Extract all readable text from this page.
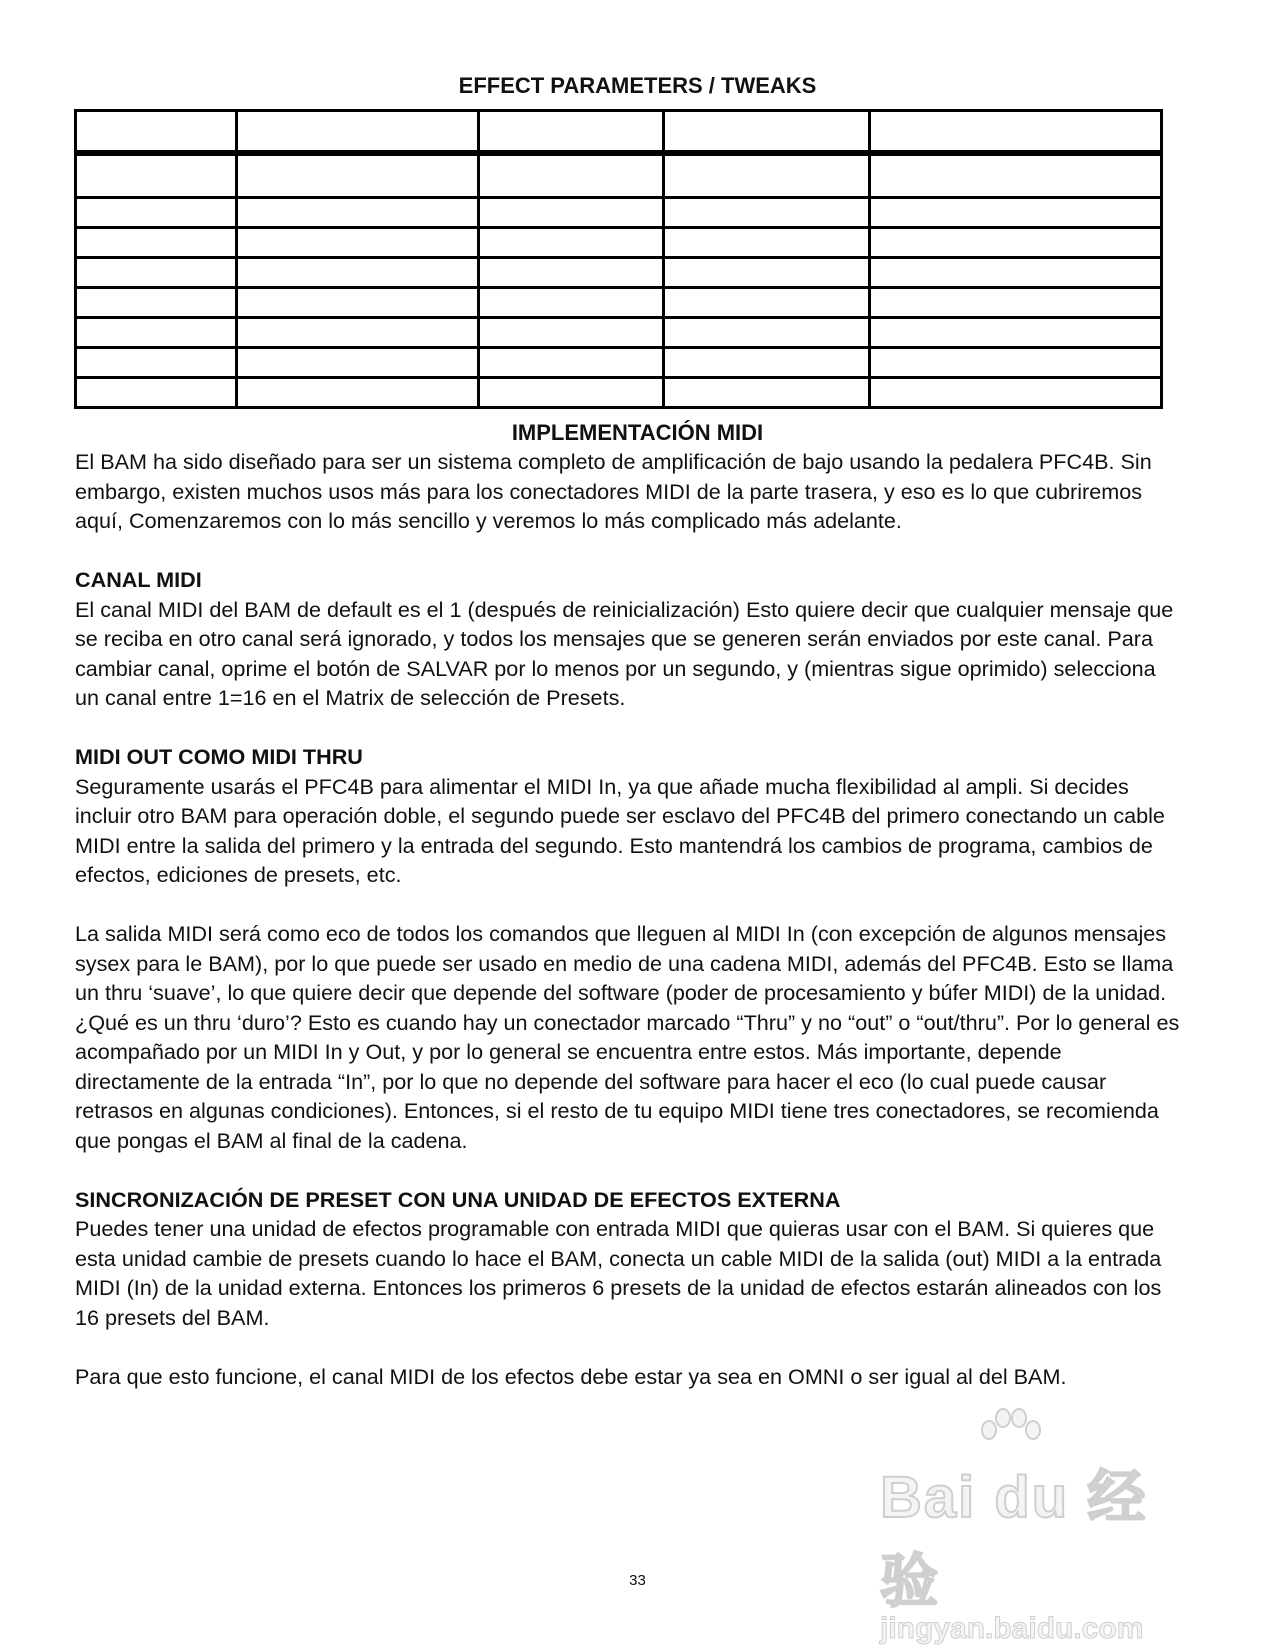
EFFECT PARAMETERS / TWEAKS

IMPLEMENTACIÓN MIDI

El BAM ha sido diseñado para ser un sistema completo de amplificación de bajo usando la pedalera PFC4B. Sin embargo, existen muchos usos más para los conectadores MIDI de la parte trasera, y eso es lo que cubriremos aquí, Comenzaremos con lo más sencillo y veremos lo más complicado más adelante.

CANAL MIDI

El canal MIDI del BAM de default es el 1 (después de reinicialización) Esto quiere decir que cualquier mensaje que se reciba en otro canal será ignorado, y todos los mensajes que se generen serán enviados por este canal. Para cambiar canal, oprime el botón de SALVAR por lo menos por un segundo, y (mientras sigue oprimido) selecciona un canal entre 1=16 en el Matrix de selección de Presets.

MIDI OUT COMO MIDI THRU

Seguramente usarás el PFC4B para alimentar el MIDI In, ya que añade mucha flexibilidad al ampli. Si decides incluir otro BAM para operación doble, el segundo puede ser esclavo del PFC4B del primero conectando un cable MIDI entre la salida del primero y la entrada del segundo. Esto mantendrá los cambios de programa, cambios de efectos, ediciones de presets, etc.

La salida MIDI será como eco de todos los comandos que lleguen al MIDI In (con excepción de algunos mensajes sysex para le BAM), por lo que puede ser usado en medio de una cadena MIDI, además del PFC4B. Esto se llama un thru ‘suave’, lo que quiere decir que depende del software (poder de procesamiento y búfer MIDI) de la unidad. ¿Qué es un thru ‘duro’? Esto es cuando hay un conectador marcado “Thru” y no “out” o “out/thru”. Por lo general es acompañado por un MIDI In y Out, y por lo general se encuentra entre estos. Más importante, depende directamente de la entrada “In”, por lo que no depende del software para hacer el eco (lo cual puede causar retrasos en algunas condiciones). Entonces, si el resto de tu equipo MIDI tiene tres conectadores, se recomienda que pongas el BAM al final de la cadena.

SINCRONIZACIÓN DE PRESET CON UNA UNIDAD DE EFECTOS EXTERNA

Puedes tener una unidad de efectos programable con entrada MIDI que quieras usar con el BAM. Si quieres que esta unidad cambie de presets cuando lo hace el BAM, conecta un cable MIDI de la salida (out) MIDI a la entrada MIDI (In) de la unidad externa. Entonces los primeros 6 presets de la unidad de efectos estarán alineados con los 16 presets del BAM.

Para que esto funcione, el canal MIDI de los efectos debe estar ya sea en OMNI o ser igual al del BAM.

33
Bai du 经验
jingyan.baidu.com
